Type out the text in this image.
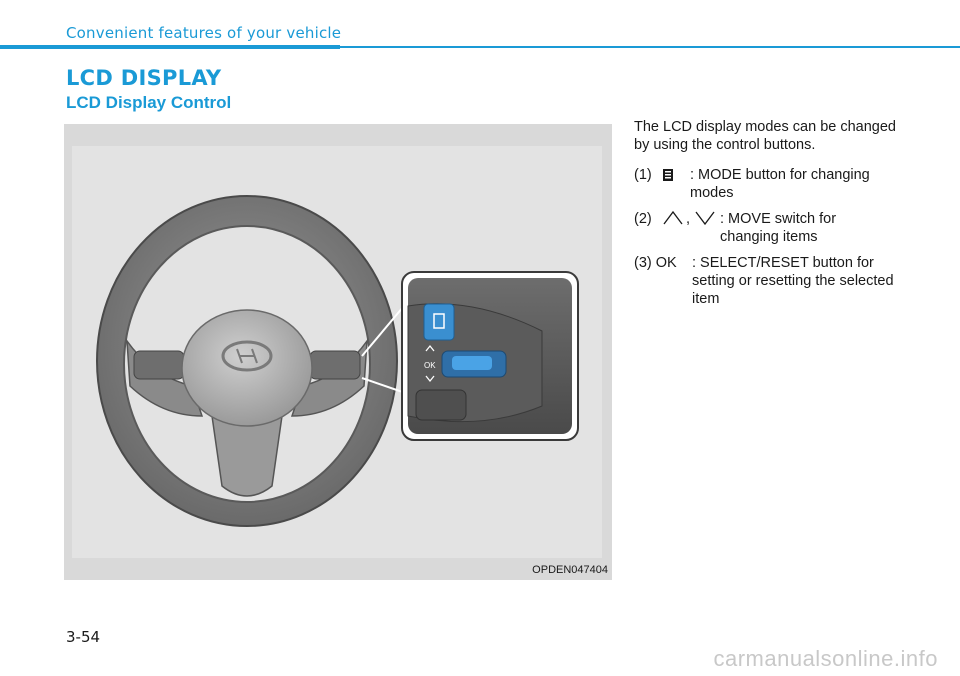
Convenient features of your vehicle
LCD DISPLAY
LCD Display Control
OK
OPDEN047404

The LCD display modes can be changed by using the control buttons.

(1)	: MODE button for changing modes
(2) , : MOVE switch for changing items
(3) OK : SELECT/RESET button for setting or resetting the selected item
3-54
carmanualsonline.info
